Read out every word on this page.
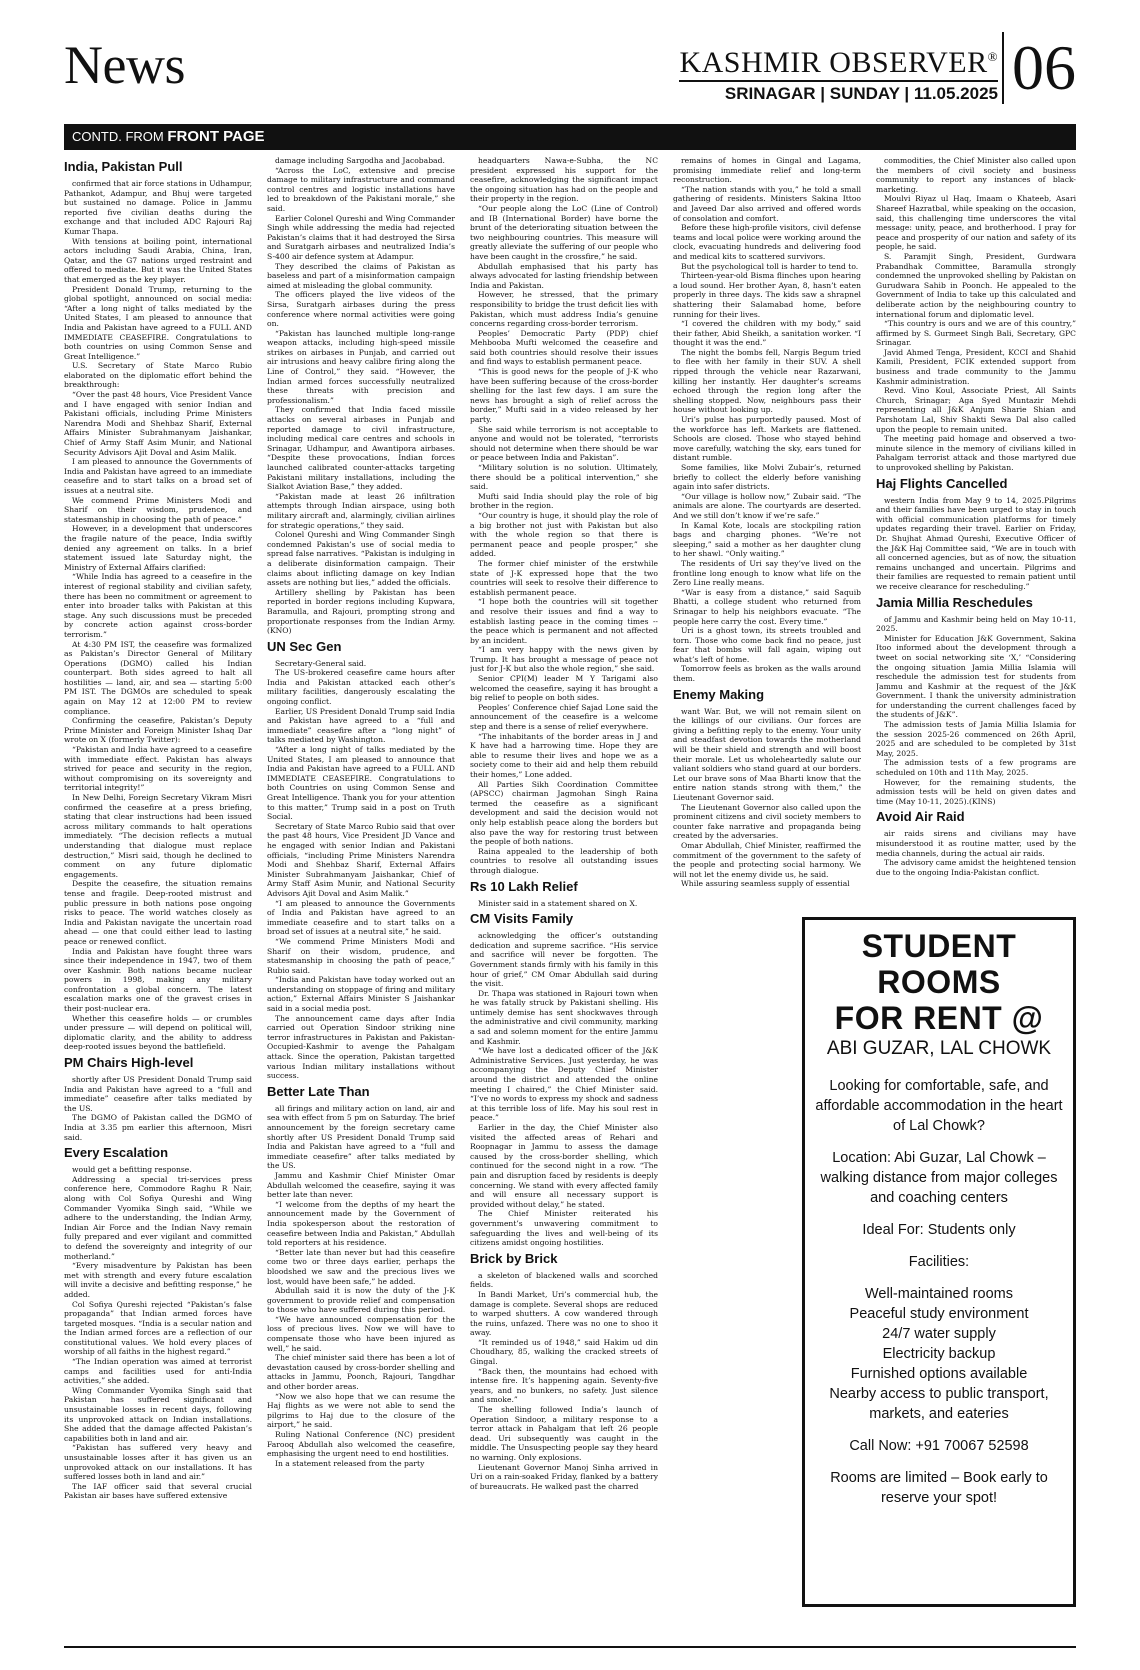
News	KASHMIR OBSERVER®
SRINAGAR | SUNDAY | 11.05.2025 06
CONTD. FROM FRONT PAGE
India, Pakistan Pull

confirmed that air force stations in Udhampur, Pathankot, Adampur, and Bhuj were targeted but sustained no damage. Police in Jammu reported five civilian deaths during the exchange and that included ADC Rajouri Raj Kumar Thapa.

With tensions at boiling point, international actors including Saudi Arabia, China, Iran, Qatar, and the G7 nations urged restraint and offered to mediate. But it was the United States that emerged as the key player.

President Donald Trump, returning to the global spotlight, announced on social media: “After a long night of talks mediated by the United States, I am pleased to announce that India and Pakistan have agreed to a FULL AND IMMEDIATE CEASEFIRE. Congratulations to both countries on using Common Sense and Great Intelligence.”

U.S. Secretary of State Marco Rubio elaborated on the diplomatic effort behind the breakthrough:

“Over the past 48 hours, Vice President Vance and I have engaged with senior Indian and Pakistani officials, including Prime Ministers Narendra Modi and Shehbaz Sharif, External Affairs Minister Subrahmanyam Jaishankar, Chief of Army Staff Asim Munir, and National Security Advisors Ajit Doval and Asim Malik.

I am pleased to announce the Governments of India and Pakistan have agreed to an immediate ceasefire and to start talks on a broad set of issues at a neutral site.

We commend Prime Ministers Modi and Sharif on their wisdom, prudence, and statesmanship in choosing the path of peace.”

However, in a development that underscores the fragile nature of the peace, India swiftly denied any agreement on talks. In a brief statement issued late Saturday night, the Ministry of External Affairs clarified:

“While India has agreed to a ceasefire in the interest of regional stability and civilian safety, there has been no commitment or agreement to enter into broader talks with Pakistan at this stage. Any such discussions must be preceded by concrete action against cross-border terrorism.”

At 4:30 PM IST, the ceasefire was formalized as Pakistan’s Director General of Military Operations (DGMO) called his Indian counterpart. Both sides agreed to halt all hostilities — land, air, and sea — starting 5:00 PM IST. The DGMOs are scheduled to speak again on May 12 at 12:00 PM to review compliance.

Confirming the ceasefire, Pakistan’s Deputy Prime Minister and Foreign Minister Ishaq Dar wrote on X (formerly Twitter):

“Pakistan and India have agreed to a ceasefire with immediate effect. Pakistan has always strived for peace and security in the region, without compromising on its sovereignty and territorial integrity!”

In New Delhi, Foreign Secretary Vikram Misri confirmed the ceasefire at a press briefing, stating that clear instructions had been issued across military commands to halt operations immediately. “The decision reflects a mutual understanding that dialogue must replace destruction,” Misri said, though he declined to comment on any future diplomatic engagements.

Despite the ceasefire, the situation remains tense and fragile. Deep-rooted mistrust and public pressure in both nations pose ongoing risks to peace. The world watches closely as India and Pakistan navigate the uncertain road ahead — one that could either lead to lasting peace or renewed conflict.

India and Pakistan have fought three wars since their independence in 1947, two of them over Kashmir. Both nations became nuclear powers in 1998, making any military confrontation a global concern. The latest escalation marks one of the gravest crises in their post-nuclear era.

Whether this ceasefire holds — or crumbles under pressure — will depend on political will, diplomatic clarity, and the ability to address deep-rooted issues beyond the battlefield.

PM Chairs High-level

shortly after US President Donald Trump said India and Pakistan have agreed to a “full and immediate” ceasefire after talks mediated by the US.

The DGMO of Pakistan called the DGMO of India at 3.35 pm earlier this afternoon, Misri said.

Every Escalation

would get a befitting response.

Addressing a special tri-services press conference here, Commodore Raghu R Nair, along with Col Sofiya Qureshi and Wing Commander Vyomika Singh said, “While we adhere to the understanding, the Indian Army, Indian Air Force and the Indian Navy remain fully prepared and ever vigilant and committed to defend the sovereignty and integrity of our motherland.”

“Every misadventure by Pakistan has been met with strength and every future escalation will invite a decisive and befitting response,” he added.

Col Sofiya Qureshi rejected “Pakistan’s false propaganda” that Indian armed forces have targeted mosques. “India is a secular nation and the Indian armed forces are a reflection of our constitutional values. We hold every places of worship of all faiths in the highest regard.”

“The Indian operation was aimed at terrorist camps and facilities used for anti-India activities,” she added.

Wing Commander Vyomika Singh said that Pakistan has suffered significant and unsustainable losses in recent days, following its unprovoked attack on Indian installations. She added that the damage affected Pakistan’s capabilities both in land and air.

“Pakistan has suffered very heavy and unsustainable losses after it has given us an unprovoked attack on our installations. It has suffered losses both in land and air.”

The IAF officer said that several crucial Pakistan air bases have suffered extensive

damage including Sargodha and Jacobabad.

“Across the LoC, extensive and precise damage to military infrastructure and command control centres and logistic installations have led to breakdown of the Pakistani morale,” she said.

Earlier Colonel Qureshi and Wing Commander Singh while addressing the media had rejected Pakistan’s claims that it had destroyed the Sirsa and Suratgarh airbases and neutralized India’s S-400 air defence system at Adampur.

They described the claims of Pakistan as baseless and part of a misinformation campaign aimed at misleading the global community.

The officers played the live videos of the Sirsa, Suratgarh airbases during the press conference where normal activities were going on.

“Pakistan has launched multiple long-range weapon attacks, including high-speed missile strikes on airbases in Punjab, and carried out air intrusions and heavy calibre firing along the Line of Control,” they said. “However, the Indian armed forces successfully neutralized these threats with precision and professionalism.”

They confirmed that India faced missile attacks on several airbases in Punjab and reported damage to civil infrastructure, including medical care centres and schools in Srinagar, Udhampur, and Awantipora airbases. “Despite these provocations, Indian forces launched calibrated counter-attacks targeting Pakistani military installations, including the Sialkot Aviation Base,” they added.

“Pakistan made at least 26 infiltration attempts through Indian airspace, using both military aircraft and, alarmingly, civilian airlines for strategic operations,” they said.

Colonel Qureshi and Wing Commander Singh condemned Pakistan’s use of social media to spread false narratives. “Pakistan is indulging in a deliberate disinformation campaign. Their claims about inflicting damage on key Indian assets are nothing but lies,” added the officials.

Artillery shelling by Pakistan has been reported in border regions including Kupwara, Baramulla, and Rajouri, prompting strong and proportionate responses from the Indian Army. (KNO)

UN Sec Gen

Secretary-General said.

The US-brokered ceasefire came hours after India and Pakistan attacked each other’s military facilities, dangerously escalating the ongoing conflict.

Earlier, US President Donald Trump said India and Pakistan have agreed to a “full and immediate” ceasefire after a “long night” of talks mediated by Washington.

“After a long night of talks mediated by the United States, I am pleased to announce that India and Pakistan have agreed to a FULL AND IMMEDIATE CEASEFIRE. Congratulations to both Countries on using Common Sense and Great Intelligence. Thank you for your attention to this matter,” Trump said in a post on Truth Social.

Secretary of State Marco Rubio said that over the past 48 hours, Vice President JD Vance and he engaged with senior Indian and Pakistani officials, “including Prime Ministers Narendra Modi and Shehbaz Sharif, External Affairs Minister Subrahmanyam Jaishankar, Chief of Army Staff Asim Munir, and National Security Advisors Ajit Doval and Asim Malik.”

“I am pleased to announce the Governments of India and Pakistan have agreed to an immediate ceasefire and to start talks on a broad set of issues at a neutral site,” he said.

“We commend Prime Ministers Modi and Sharif on their wisdom, prudence, and statesmanship in choosing the path of peace,” Rubio said.

“India and Pakistan have today worked out an understanding on stoppage of firing and military action,” External Affairs Minister S Jaishankar said in a social media post.

The announcement came days after India carried out Operation Sindoor striking nine terror infrastructures in Pakistan and Pakistan-Occupied-Kashmir to avenge the Pahalgam attack. Since the operation, Pakistan targetted various Indian military installations without success.

Better Late Than

all firings and military action on land, air and sea with effect from 5 pm on Saturday. The brief announcement by the foreign secretary came shortly after US President Donald Trump said India and Pakistan have agreed to a “full and immediate ceasefire” after talks mediated by the US.

Jammu and Kashmir Chief Minister Omar Abdullah welcomed the ceasefire, saying it was better late than never.

“I welcome from the depths of my heart the announcement made by the Government of India spokesperson about the restoration of ceasefire between India and Pakistan,” Abdullah told reporters at his residence.

“Better late than never but had this ceasefire come two or three days earlier, perhaps the bloodshed we saw and the precious lives we lost, would have been safe,” he added.

Abdullah said it is now the duty of the J-K government to provide relief and compensation to those who have suffered during this period.

“We have announced compensation for the loss of precious lives. Now we will have to compensate those who have been injured as well,” he said.

The chief minister said there has been a lot of devastation caused by cross-border shelling and attacks in Jammu, Poonch, Rajouri, Tangdhar and other border areas.

“Now we also hope that we can resume the Haj flights as we were not able to send the pilgrims to Haj due to the closure of the airport,” he said.

Ruling National Conference (NC) president Farooq Abdullah also welcomed the ceasefire, emphasising the urgent need to end hostilities.

In a statement released from the party

headquarters Nawa-e-Subha, the NC president expressed his support for the ceasefire, acknowledging the significant impact the ongoing situation has had on the people and their property in the region.

“Our people along the LoC (Line of Control) and IB (International Border) have borne the brunt of the deteriorating situation between the two neighbouring countries. This measure will greatly alleviate the suffering of our people who have been caught in the crossfire,” he said.

Abdullah emphasised that his party has always advocated for lasting friendship between India and Pakistan.

However, he stressed, that the primary responsibility to bridge the trust deficit lies with Pakistan, which must address India’s genuine concerns regarding cross-border terrorism.

Peoples’ Democratic Party (PDP) chief Mehbooba Mufti welcomed the ceasefire and said both countries should resolve their issues and find ways to establish permanent peace.

“This is good news for the people of J-K who have been suffering because of the cross-border shelling for the last few days. I am sure the news has brought a sigh of relief across the border,” Mufti said in a video released by her party.

She said while terrorism is not acceptable to anyone and would not be tolerated, “terrorists should not determine when there should be war or peace between India and Pakistan”.

“Military solution is no solution. Ultimately, there should be a political intervention,” she said.

Mufti said India should play the role of big brother in the region.

“Our country is huge, it should play the role of a big brother not just with Pakistan but also with the whole region so that there is permanent peace and people prosper,” she added.

The former chief minister of the erstwhile state of J-K expressed hope that the two countries will seek to resolve their difference to establish permanent peace.

“I hope both the countries will sit together and resolve their issues and find a way to establish lasting peace in the coming times -- the peace which is permanent and not affected by an incident.

“I am very happy with the news given by Trump. It has brought a message of peace not just for J-K but also the whole region,” she said.

Senior CPI(M) leader M Y Tarigami also welcomed the ceasefire, saying it has brought a big relief to people on both sides.

Peoples’ Conference chief Sajad Lone said the announcement of the ceasefire is a welcome step and there is a sense of relief everywhere.

“The inhabitants of the border areas in J and K have had a harrowing time. Hope they are able to resume their lives and hope we as a society come to their aid and help them rebuild their homes,” Lone added.

All Parties Sikh Coordination Committee (APSCC) chairman Jagmohan Singh Raina termed the ceasefire as a significant development and said the decision would not only help establish peace along the borders but also pave the way for restoring trust between the people of both nations.

Raina appealed to the leadership of both countries to resolve all outstanding issues through dialogue.

Rs 10 Lakh Relief

Minister said in a statement shared on X.

CM Visits Family

acknowledging the officer’s outstanding dedication and supreme sacrifice. “His service and sacrifice will never be forgotten. The Government stands firmly with his family in this hour of grief,” CM Omar Abdullah said during the visit.

Dr. Thapa was stationed in Rajouri town when he was fatally struck by Pakistani shelling. His untimely demise has sent shockwaves through the administrative and civil community, marking a sad and solemn moment for the entire Jammu and Kashmir.

“We have lost a dedicated officer of the J&K Administrative Services. Just yesterday, he was accompanying the Deputy Chief Minister around the district and attended the online meeting I chaired,” the Chief Minister said. “I’ve no words to express my shock and sadness at this terrible loss of life. May his soul rest in peace.”

Earlier in the day, the Chief Minister also visited the affected areas of Rehari and Roopnagar in Jammu to assess the damage caused by the cross-border shelling, which continued for the second night in a row. “The pain and disruption faced by residents is deeply concerning. We stand with every affected family and will ensure all necessary support is provided without delay,” he stated.

The Chief Minister reiterated his government’s unwavering commitment to safeguarding the lives and well-being of its citizens amidst ongoing hostilities.

Brick by Brick

a skeleton of blackened walls and scorched fields.

In Bandi Market, Uri’s commercial hub, the damage is complete. Several shops are reduced to warped shutters. A cow wandered through the ruins, unfazed. There was no one to shoo it away.

“It reminded us of 1948,” said Hakim ud din Choudhary, 85, walking the cracked streets of Gingal.

“Back then, the mountains had echoed with intense fire. It’s happening again. Seventy-five years, and no bunkers, no safety. Just silence and smoke.”

The shelling followed India’s launch of Operation Sindoor, a military response to a terror attack in Pahalgam that left 26 people dead. Uri subsequently was caught in the middle. The Unsuspecting people say they heard no warning. Only explosions.

Lieutenant Governor Manoj Sinha arrived in Uri on a rain-soaked Friday, flanked by a battery of bureaucrats. He walked past the charred

remains of homes in Gingal and Lagama, promising immediate relief and long-term reconstruction.

“The nation stands with you,” he told a small gathering of residents. Ministers Sakina Ittoo and Javeed Dar also arrived and offered words of consolation and comfort.

Before these high-profile visitors, civil defense teams and local police were working around the clock, evacuating hundreds and delivering food and medical kits to scattered survivors.

But the psychological toll is harder to tend to.

Thirteen-year-old Bisma flinches upon hearing a loud sound. Her brother Ayan, 8, hasn’t eaten properly in three days. The kids saw a shrapnel shattering their Salamabad home, before running for their lives.

“I covered the children with my body,” said their father, Abid Sheikh, a sanitation worker. “I thought it was the end.”

The night the bombs fell, Nargis Begum tried to flee with her family in their SUV. A shell ripped through the vehicle near Razarwani, killing her instantly. Her daughter’s screams echoed through the region long after the shelling stopped. Now, neighbours pass their house without looking up.

Uri’s pulse has purportedly paused. Most of the workforce has left. Markets are flattened. Schools are closed. Those who stayed behind move carefully, watching the sky, ears tuned for distant rumble.

Some families, like Molvi Zubair’s, returned briefly to collect the elderly before vanishing again into safer districts.

“Our village is hollow now,” Zubair said. “The animals are alone. The courtyards are deserted. And we still don’t know if we’re safe.”

In Kamal Kote, locals are stockpiling ration bags and charging phones. “We’re not sleeping,” said a mother as her daughter clung to her shawl. “Only waiting.”

The residents of Uri say they’ve lived on the frontline long enough to know what life on the Zero Line really means.

“War is easy from a distance,” said Saquib Bhatti, a college student who returned from Srinagar to help his neighbors evacuate. “The people here carry the cost. Every time.”

Uri is a ghost town, its streets troubled and torn. Those who come back find no peace, just fear that bombs will fall again, wiping out what’s left of home.

Tomorrow feels as broken as the walls around them.

Enemy Making

want War. But, we will not remain silent on the killings of our civilians. Our forces are giving a befitting reply to the enemy. Your unity and steadfast devotion towards the motherland will be their shield and strength and will boost their morale. Let us wholeheartedly salute our valiant soldiers who stand guard at our borders. Let our brave sons of Maa Bharti know that the entire nation stands strong with them,” the Lieutenant Governor said.

The Lieutenant Governor also called upon the prominent citizens and civil society members to counter fake narrative and propaganda being created by the adversaries.

Omar Abdullah, Chief Minister, reaffirmed the commitment of the government to the safety of the people and protecting social harmony. We will not let the enemy divide us, he said.

While assuring seamless supply of essential

commodities, the Chief Minister also called upon the members of civil society and business community to report any instances of black-marketing.

Moulvi Riyaz ul Haq, Imaam o Khateeb, Asari Shareef Hazratbal, while speaking on the occasion, said, this challenging time underscores the vital message: unity, peace, and brotherhood. I pray for peace and prosperity of our nation and safety of its people, he said.

S. Paramjit Singh, President, Gurdwara Prabandhak Committee, Baramulla strongly condemned the unprovoked shelling by Pakistan on Gurudwara Sahib in Poonch. He appealed to the Government of India to take up this calculated and deliberate action by the neighbouring country to international forum and diplomatic level.

“This country is ours and we are of this country,” affirmed by S. Gurmeet Singh Bali, Secretary, GPC Srinagar.

Javid Ahmed Tenga, President, KCCI and Shahid Kamili, President, FCIK extended support from business and trade community to the Jammu Kashmir administration.

Revd. Vino Koul, Associate Priest, All Saints Church, Srinagar; Aga Syed Muntazir Mehdi representing all J&K Anjum Sharie Shian and Parshotam Lal, Shiv Shakti Sewa Dal also called upon the people to remain united.

The meeting paid homage and observed a two-minute silence in the memory of civilians killed in Pahalgam terrorist attack and those martyred due to unprovoked shelling by Pakistan.

Haj Flights Cancelled

western India from May 9 to 14, 2025.Pilgrims and their families have been urged to stay in touch with official communication platforms for timely updates regarding their travel. Earlier on Friday, Dr. Shujhat Ahmad Qureshi, Executive Officer of the J&K Haj Committee said, “We are in touch with all concerned agencies, but as of now, the situation remains unchanged and uncertain. Pilgrims and their families are requested to remain patient until we receive clearance for rescheduling.”

Jamia Millia Reschedules

of Jammu and Kashmir being held on May 10-11, 2025.

Minister for Education J&K Government, Sakina Itoo informed about the development through a tweet on social networking site ‘X,’ “Considering the ongoing situation Jamia Millia Islamia will reschedule the admission test for students from Jammu and Kashmir at the request of the J&K Government. I thank the university administration for understanding the current challenges faced by the students of J&K”.

The admission tests of Jamia Millia Islamia for the session 2025-26 commenced on 26th April, 2025 and are scheduled to be completed by 31st May, 2025.

The admission tests of a few programs are scheduled on 10th and 11th May, 2025.

However, for the remaining students, the admission tests will be held on given dates and time (May 10-11, 2025).(KINS)

Avoid Air Raid

air raids sirens and civilians may have misunderstood it as routine matter, used by the media channels, during the actual air raids.

The advisory came amidst the heightened tension due to the ongoing India-Pakistan conflict.

STUDENT ROOMS
FOR RENT @
ABI GUZAR, LAL CHOWK
Looking for comfortable, safe, and affordable accommodation in the heart of Lal Chowk?
Location: Abi Guzar, Lal Chowk – walking distance from major colleges and coaching centers
Ideal For: Students only
Facilities:
Well-maintained rooms
Peaceful study environment
24/7 water supply
Electricity backup
Furnished options available
Nearby access to public transport, markets, and eateries
Call Now: +91 70067 52598
Rooms are limited – Book early to reserve your spot!
